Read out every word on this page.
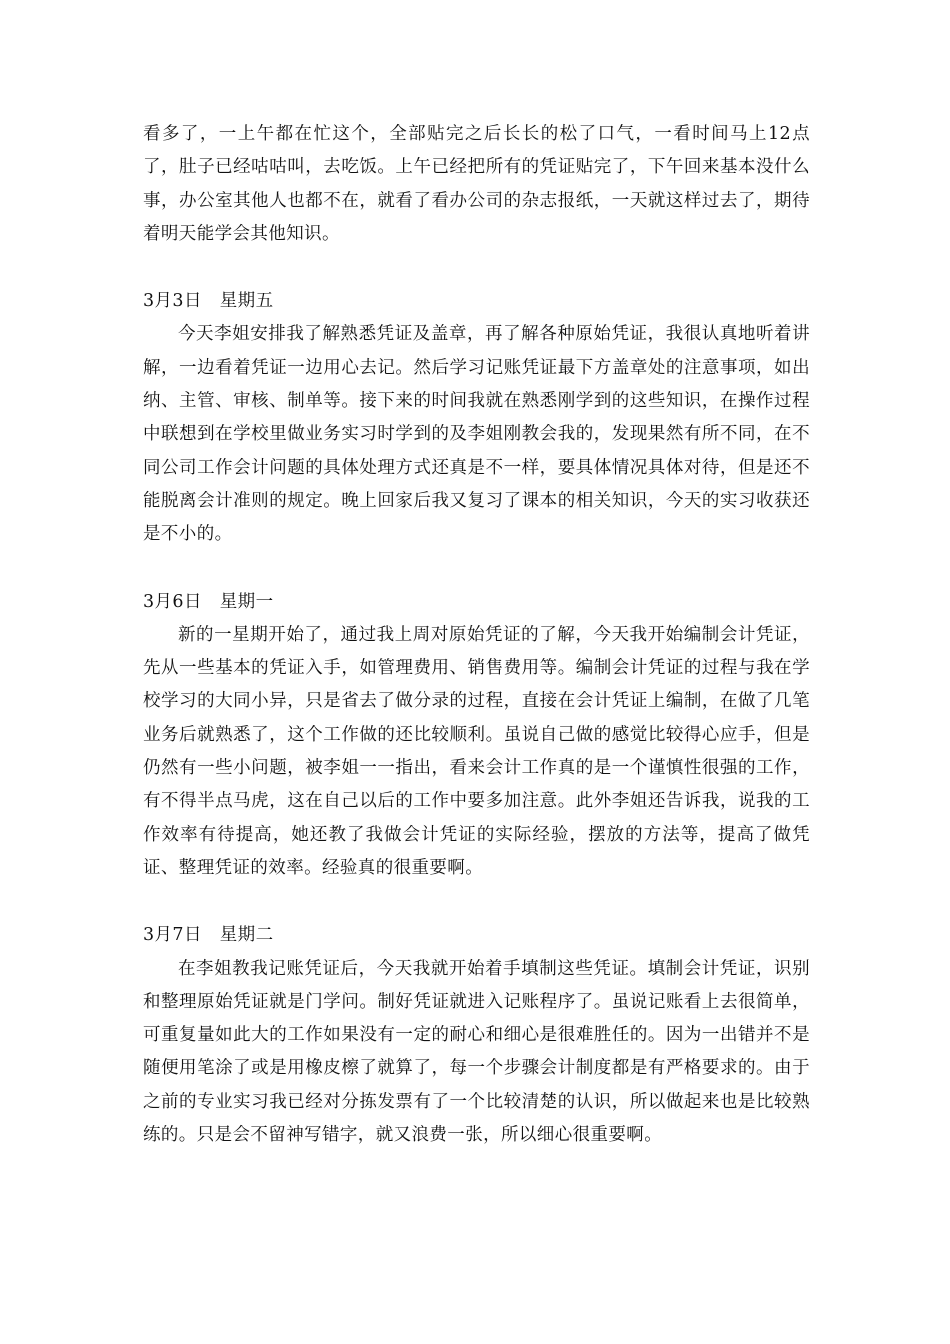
看多了，一上午都在忙这个，全部贴完之后长长的松了口气，一看时间马上12点了，肚子已经咕咕叫，去吃饭。上午已经把所有的凭证贴完了，下午回来基本没什么事，办公室其他人也都不在，就看了看办公司的杂志报纸，一天就这样过去了，期待着明天能学会其他知识。

3月3日 星期五

今天李姐安排我了解熟悉凭证及盖章，再了解各种原始凭证，我很认真地听着讲解，一边看着凭证一边用心去记。然后学习记账凭证最下方盖章处的注意事项，如出纳、主管、审核、制单等。接下来的时间我就在熟悉刚学到的这些知识，在操作过程中联想到在学校里做业务实习时学到的及李姐刚教会我的，发现果然有所不同，在不同公司工作会计问题的具体处理方式还真是不一样，要具体情况具体对待，但是还不能脱离会计准则的规定。晚上回家后我又复习了课本的相关知识，今天的实习收获还是不小的。

3月6日 星期一

新的一星期开始了，通过我上周对原始凭证的了解，今天我开始编制会计凭证，先从一些基本的凭证入手，如管理费用、销售费用等。编制会计凭证的过程与我在学校学习的大同小异，只是省去了做分录的过程，直接在会计凭证上编制，在做了几笔业务后就熟悉了，这个工作做的还比较顺利。虽说自己做的感觉比较得心应手，但是仍然有一些小问题，被李姐一一指出，看来会计工作真的是一个谨慎性很强的工作，有不得半点马虎，这在自己以后的工作中要多加注意。此外李姐还告诉我，说我的工作效率有待提高，她还教了我做会计凭证的实际经验，摆放的方法等，提高了做凭证、整理凭证的效率。经验真的很重要啊。

3月7日 星期二

在李姐教我记账凭证后，今天我就开始着手填制这些凭证。填制会计凭证，识别和整理原始凭证就是门学问。制好凭证就进入记账程序了。虽说记账看上去很简单，可重复量如此大的工作如果没有一定的耐心和细心是很难胜任的。因为一出错并不是随便用笔涂了或是用橡皮檫了就算了，每一个步骤会计制度都是有严格要求的。由于之前的专业实习我已经对分拣发票有了一个比较清楚的认识，所以做起来也是比较熟练的。只是会不留神写错字，就又浪费一张，所以细心很重要啊。
